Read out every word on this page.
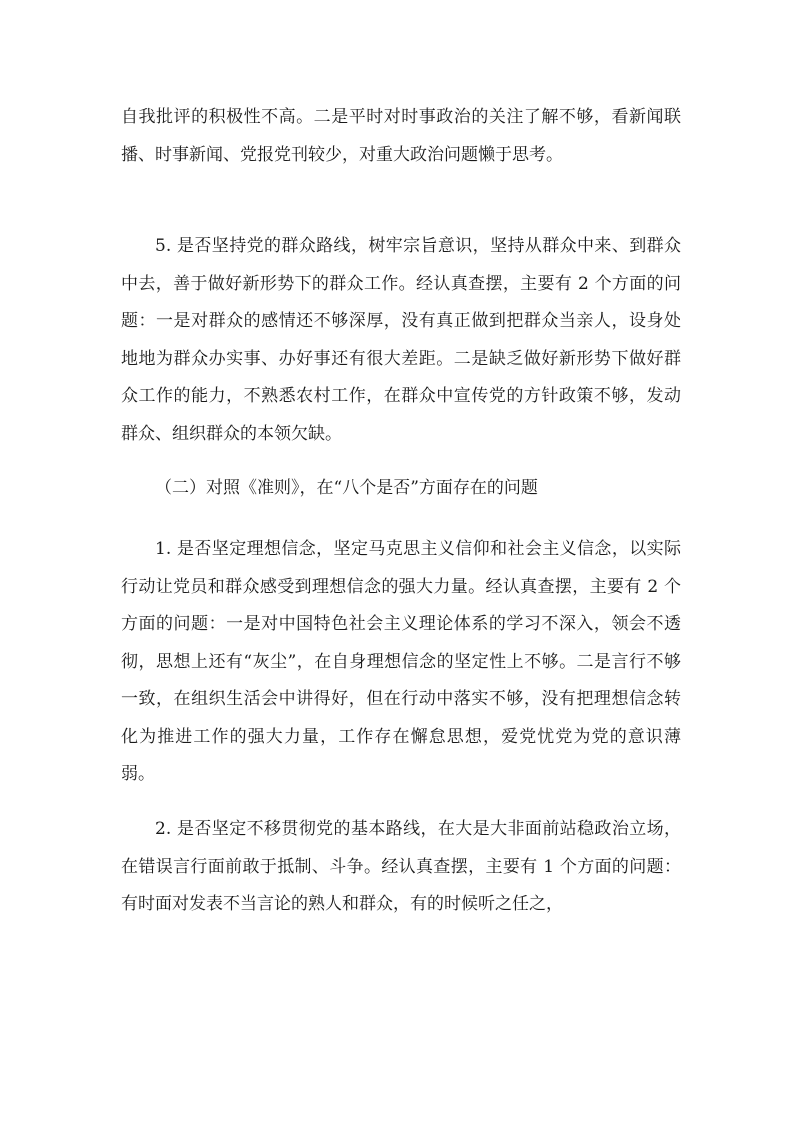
自我批评的积极性不高。二是平时对时事政治的关注了解不够，看新闻联播、时事新闻、党报党刊较少，对重大政治问题懒于思考。

5. 是否坚持党的群众路线，树牢宗旨意识，坚持从群众中来、到群众中去，善于做好新形势下的群众工作。经认真查摆，主要有 2 个方面的问题：一是对群众的感情还不够深厚，没有真正做到把群众当亲人，设身处地地为群众办实事、办好事还有很大差距。二是缺乏做好新形势下做好群众工作的能力，不熟悉农村工作，在群众中宣传党的方针政策不够，发动群众、组织群众的本领欠缺。

（二）对照《准则》，在“八个是否”方面存在的问题

1. 是否坚定理想信念，坚定马克思主义信仰和社会主义信念，以实际行动让党员和群众感受到理想信念的强大力量。经认真查摆，主要有 2 个方面的问题：一是对中国特色社会主义理论体系的学习不深入，领会不透彻，思想上还有“灰尘”，在自身理想信念的坚定性上不够。二是言行不够一致，在组织生活会中讲得好，但在行动中落实不够，没有把理想信念转化为推进工作的强大力量，工作存在懈怠思想，爱党忧党为党的意识薄弱。

2. 是否坚定不移贯彻党的基本路线，在大是大非面前站稳政治立场，在错误言行面前敢于抵制、斗争。经认真查摆，主要有 1 个方面的问题：有时面对发表不当言论的熟人和群众，有的时候听之任之，
